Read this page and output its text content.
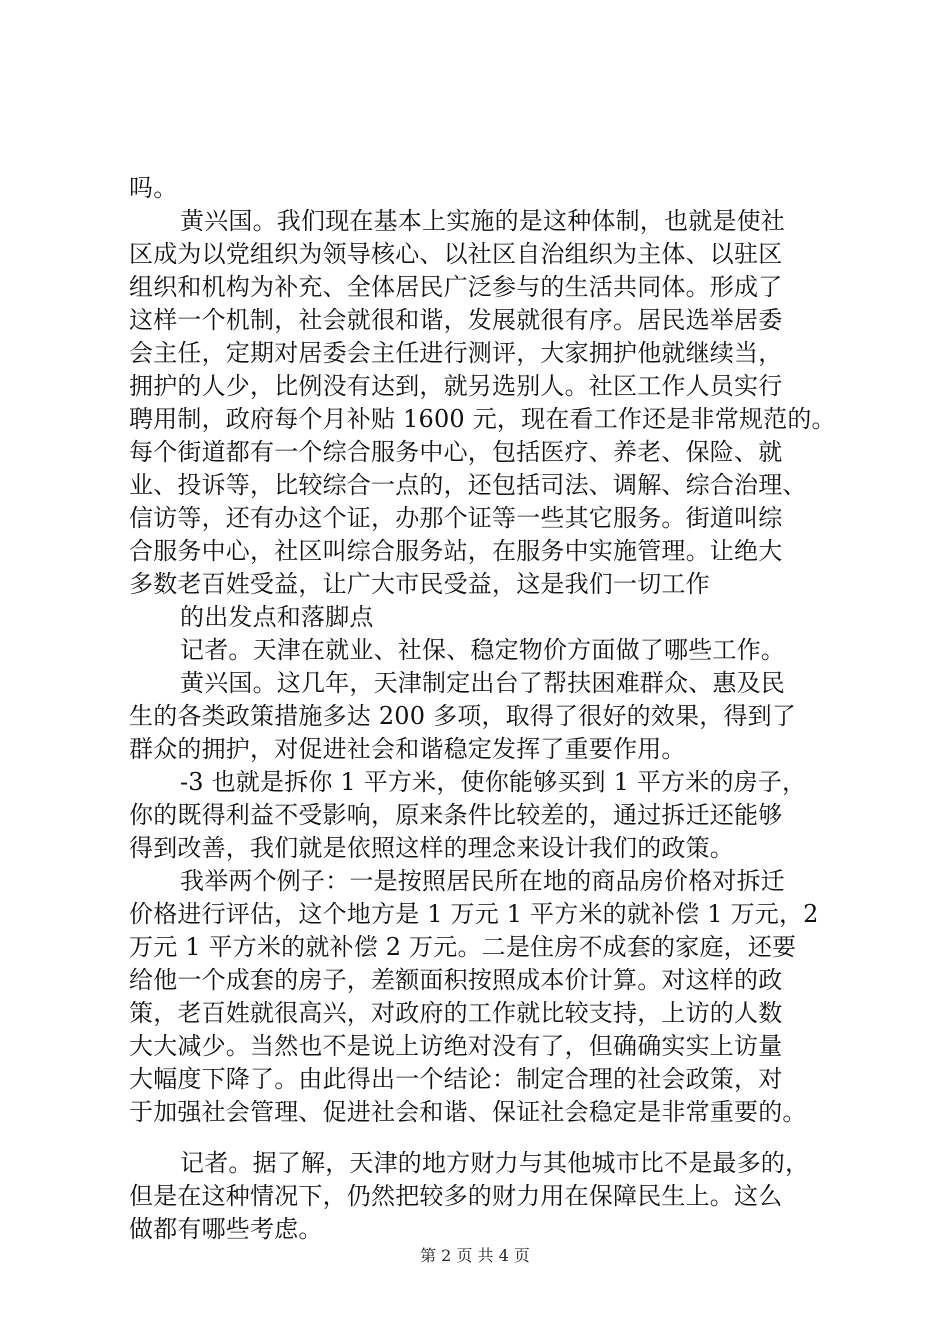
吗。
黄兴国。我们现在基本上实施的是这种体制，也就是使社
区成为以党组织为领导核心、以社区自治组织为主体、以驻区
组织和机构为补充、全体居民广泛参与的生活共同体。形成了
这样一个机制，社会就很和谐，发展就很有序。居民选举居委
会主任，定期对居委会主任进行测评，大家拥护他就继续当，
拥护的人少，比例没有达到，就另选别人。社区工作人员实行
聘用制，政府每个月补贴 1600 元，现在看工作还是非常规范的。
每个街道都有一个综合服务中心，包括医疗、养老、保险、就
业、投诉等，比较综合一点的，还包括司法、调解、综合治理、
信访等，还有办这个证，办那个证等一些其它服务。街道叫综
合服务中心，社区叫综合服务站，在服务中实施管理。让绝大
多数老百姓受益，让广大市民受益，这是我们一切工作
的出发点和落脚点
记者。天津在就业、社保、稳定物价方面做了哪些工作。
黄兴国。这几年，天津制定出台了帮扶困难群众、惠及民
生的各类政策措施多达 200 多项，取得了很好的效果，得到了
群众的拥护，对促进社会和谐稳定发挥了重要作用。
-3 也就是拆你 1 平方米，使你能够买到 1 平方米的房子，
你的既得利益不受影响，原来条件比较差的，通过拆迁还能够
得到改善，我们就是依照这样的理念来设计我们的政策。
我举两个例子：一是按照居民所在地的商品房价格对拆迁
价格进行评估，这个地方是 1 万元 1 平方米的就补偿 1 万元，2
万元 1 平方米的就补偿 2 万元。二是住房不成套的家庭，还要
给他一个成套的房子，差额面积按照成本价计算。对这样的政
策，老百姓就很高兴，对政府的工作就比较支持，上访的人数
大大减少。当然也不是说上访绝对没有了，但确确实实上访量
大幅度下降了。由此得出一个结论：制定合理的社会政策，对
于加强社会管理、促进社会和谐、保证社会稳定是非常重要的。
记者。据了解，天津的地方财力与其他城市比不是最多的，
但是在这种情况下，仍然把较多的财力用在保障民生上。这么
做都有哪些考虑。
第 2 页 共 4 页
